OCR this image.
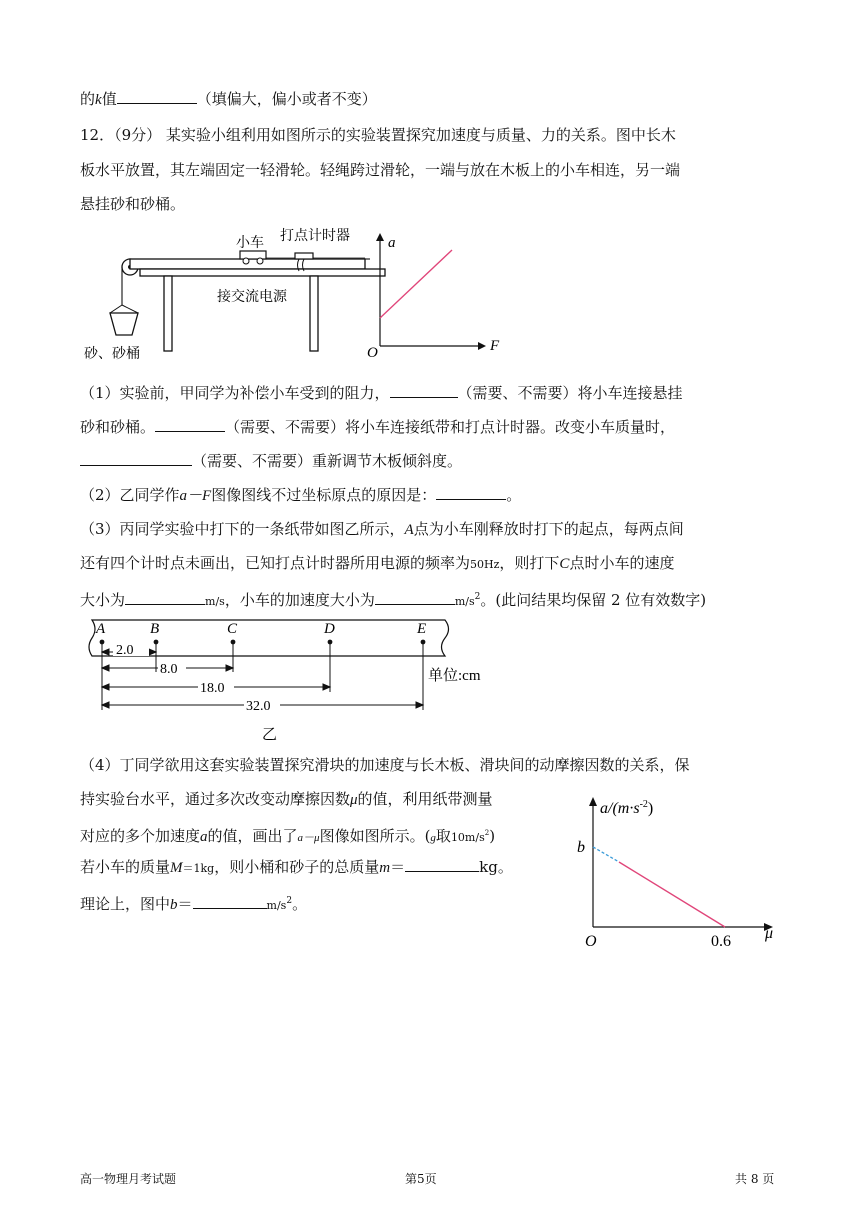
的k值	（填偏大，偏小或者不变）
12．（9分） 某实验小组利用如图所示的实验装置探究加速度与质量、力的关系。图中长木
板水平放置，其左端固定一轻滑轮。轻绳跨过滑轮，一端与放在木板上的小车相连，另一端
悬挂砂和砂桶。
小车 打点计时器
接交流电源
砂、砂桶
a
F
O
（1）实验前，甲同学为补偿小车受到的阻力，	（需要、不需要）将小车连接悬挂
砂和砂桶。	（需要、不需要）将小车连接纸带和打点计时器。改变小车质量时，
（需要、不需要）重新调节木板倾斜度。
（2）乙同学作a－F图像图线不过坐标原点的原因是：	。
（3）丙同学实验中打下的一条纸带如图乙所示，A点为小车刚释放时打下的起点，每两点间
还有四个计时点未画出，已知打点计时器所用电源的频率为50Hz，则打下C点时小车的速度
大小为	m/s，小车的加速度大小为	$m/s^2$。(此问结果均保留 2 位有效数字)
A	B	C	D	E
2.0
8.0
18.0
32.0
单位:cm
乙
（4）丁同学欲用这套实验装置探究滑块的加速度与长木板、滑块间的动摩擦因数的关系，保
持实验台水平，通过多次改变动摩擦因数μ的值，利用纸带测量
对应的多个加速度a的值，画出了a－μ图像如图所示。(g取$10m/s^2$)
若小车的质量M＝1kg，则小桶和砂子的总质量m＝	kg。
理论上，图中b＝	$m/s^2$。
$a/(m\cdot s^{-2})$
b
μ
O	0.6
高一物理月考试题	第5页	共 8 页
